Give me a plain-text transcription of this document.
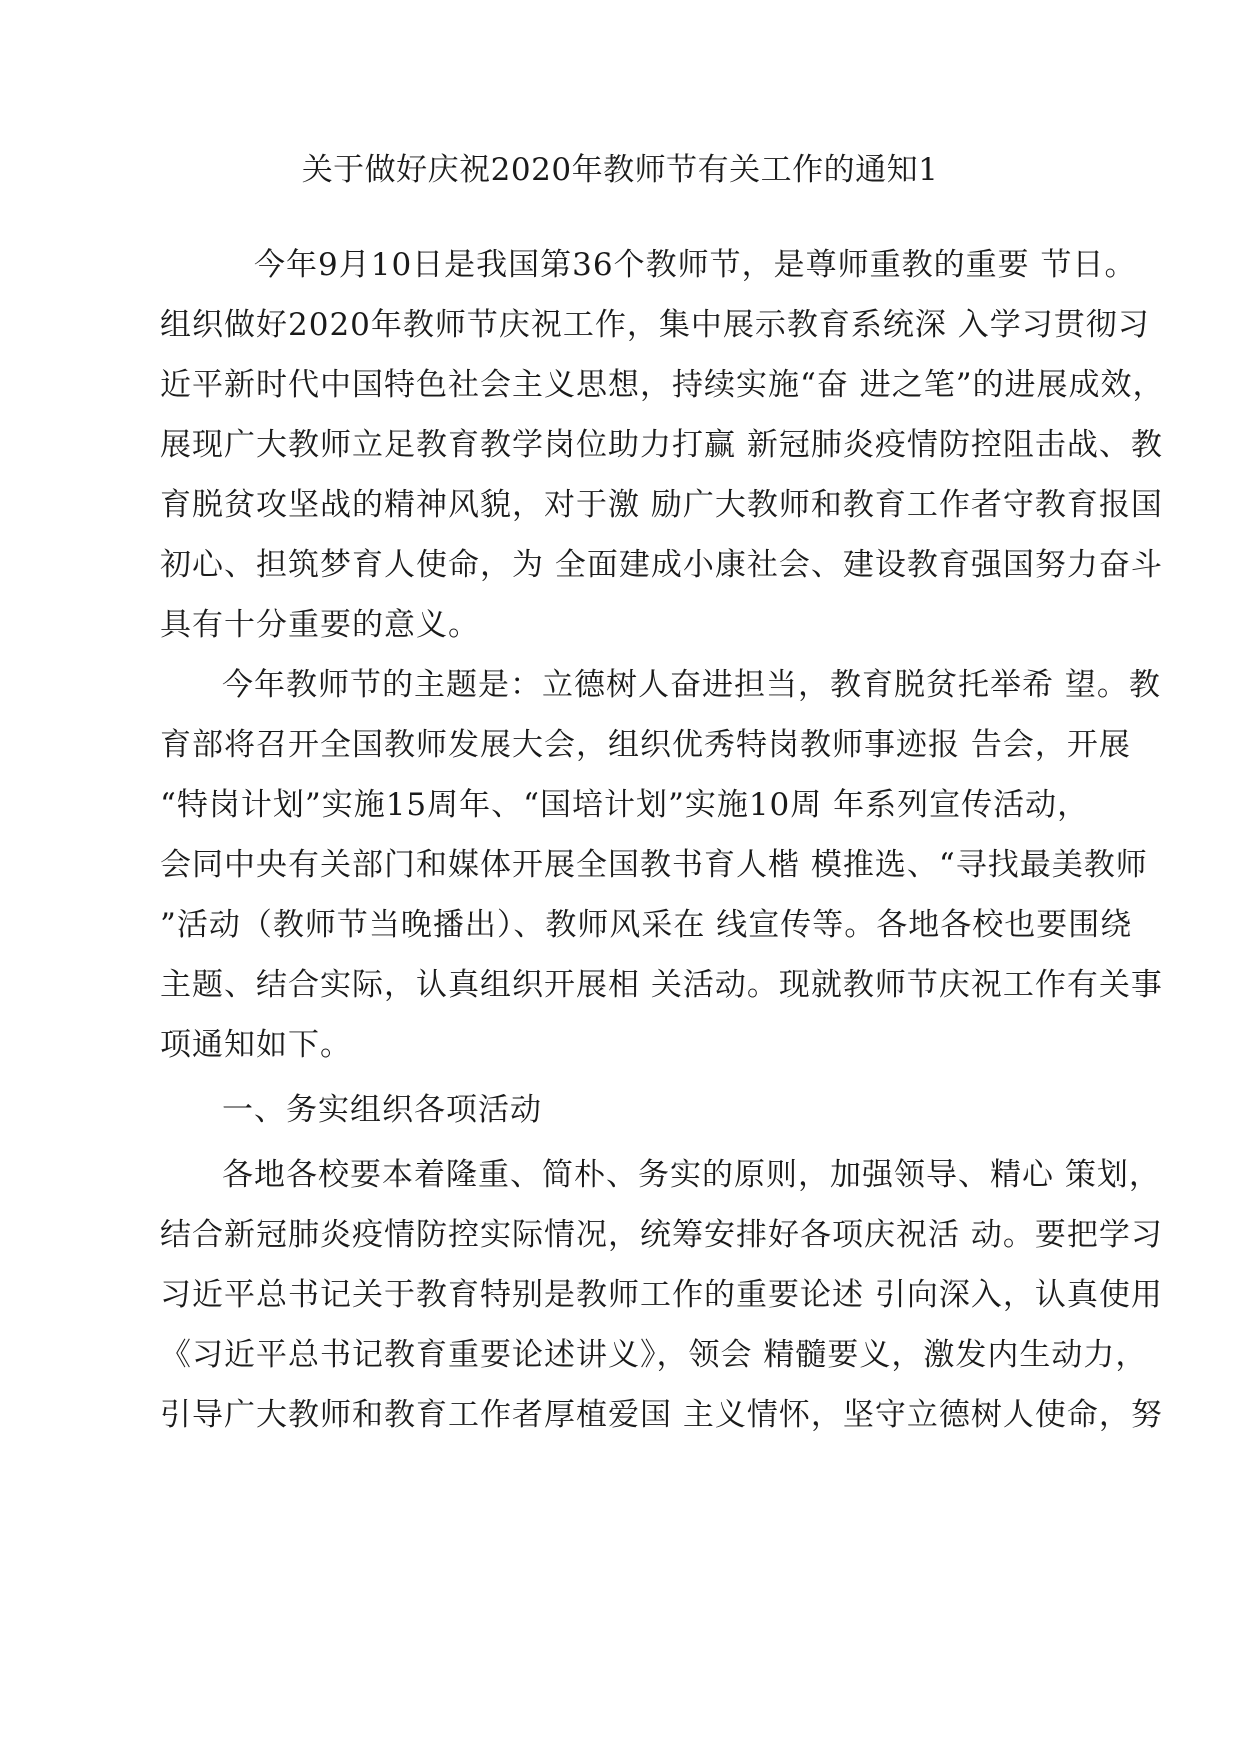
关于做好庆祝2020年教师节有关工作的通知1
今年9月10日是我国第36个教师节，是尊师重教的重要 节日。
组织做好2020年教师节庆祝工作，集中展示教育系统深 入学习贯彻习
近平新时代中国特色社会主义思想，持续实施“奋 进之笔”的进展成效，
展现广大教师立足教育教学岗位助力打赢 新冠肺炎疫情防控阻击战、教
育脱贫攻坚战的精神风貌，对于激 励广大教师和教育工作者守教育报国
初心、担筑梦育人使命，为 全面建成小康社会、建设教育强国努力奋斗
具有十分重要的意义。
今年教师节的主题是：立德树人奋进担当，教育脱贫托举希 望。教
育部将召开全国教师发展大会，组织优秀特岗教师事迹报 告会，开展
“特岗计划”实施15周年、“国培计划”实施10周 年系列宣传活动，
会同中央有关部门和媒体开展全国教书育人楷 模推选、“寻找最美教师
”活动（教师节当晚播出）、教师风采在 线宣传等。各地各校也要围绕
主题、结合实际，认真组织开展相 关活动。现就教师节庆祝工作有关事
项通知如下。
一、务实组织各项活动
各地各校要本着隆重、简朴、务实的原则，加强领导、精心 策划，
结合新冠肺炎疫情防控实际情况，统筹安排好各项庆祝活 动。要把学习
习近平总书记关于教育特别是教师工作的重要论述 引向深入，认真使用
《习近平总书记教育重要论述讲义》，领会 精髓要义，激发内生动力，
引导广大教师和教育工作者厚植爱国 主义情怀，坚守立德树人使命，努
